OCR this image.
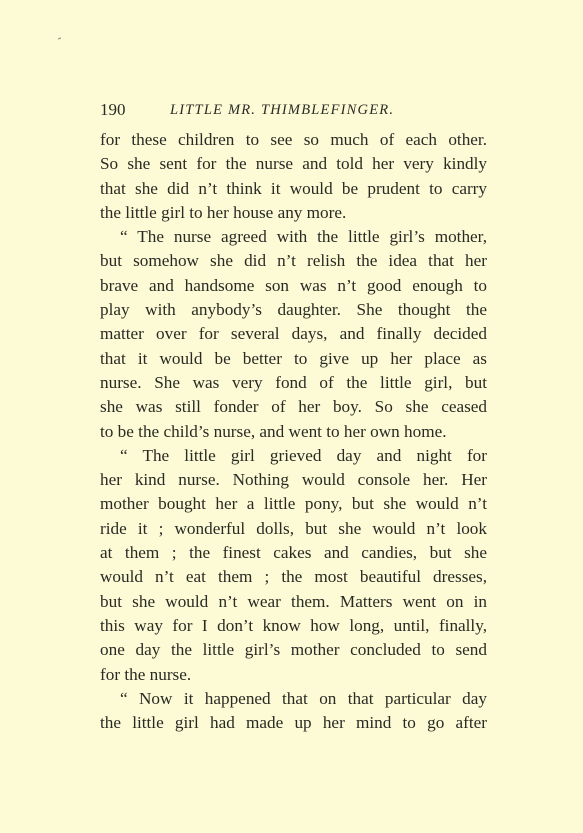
190	LITTLE MR. THIMBLEFINGER.
for these children to see so much of each other.
So she sent for the nurse and told her very kindly
that she did n’t think it would be prudent to carry
the little girl to her house any more.
“ The nurse agreed with the little girl’s mother,
but somehow she did n’t relish the idea that her
brave and handsome son was n’t good enough to
play with anybody’s daughter. She thought the
matter over for several days, and finally decided
that it would be better to give up her place as
nurse. She was very fond of the little girl, but
she was still fonder of her boy. So she ceased
to be the child’s nurse, and went to her own home.
“ The little girl grieved day and night for
her kind nurse. Nothing would console her. Her
mother bought her a little pony, but she would n’t
ride it ; wonderful dolls, but she would n’t look
at them ; the finest cakes and candies, but she
would n’t eat them ; the most beautiful dresses,
but she would n’t wear them. Matters went on in
this way for I don’t know how long, until, finally,
one day the little girl’s mother concluded to send
for the nurse.
“ Now it happened that on that particular day
the little girl had made up her mind to go after
